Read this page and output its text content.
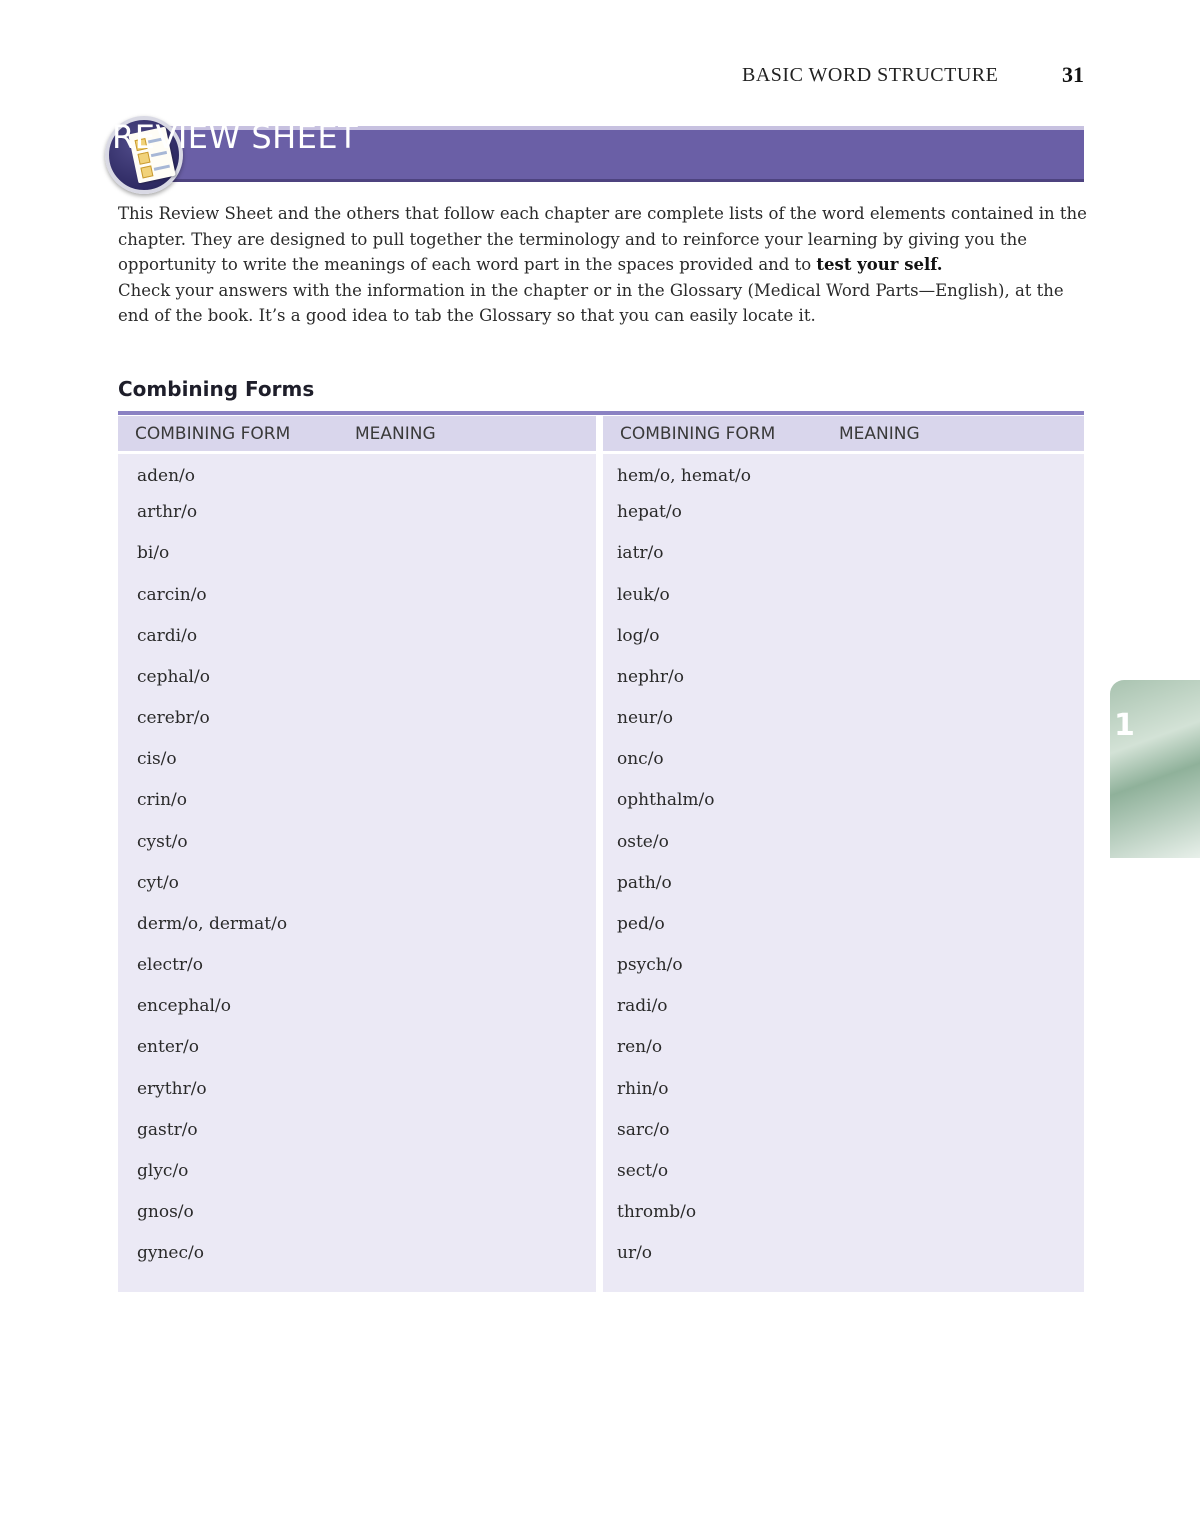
BASIC WORD STRUCTURE	31
REVIEW SHEET

This Review Sheet and the others that follow each chapter are complete lists of the word elements contained in the chapter. They are designed to pull together the terminology and to reinforce your learning by giving you the opportunity to write the meanings of each word part in the spaces provided and to test your self.

Check your answers with the information in the chapter or in the Glossary (Medical Word Parts—English), at the end of the book. It’s a good idea to tab the Glossary so that you can easily locate it.

Combining Forms
COMBINING FORM	MEANING
aden/o
arthr/o
bi/o
carcin/o
cardi/o
cephal/o
cerebr/o
cis/o
crin/o
cyst/o
cyt/o
derm/o, dermat/o
electr/o
encephal/o
enter/o
erythr/o
gastr/o
glyc/o
gnos/o
gynec/o
COMBINING FORM	MEANING
hem/o, hemat/o
hepat/o
iatr/o
leuk/o
log/o
nephr/o
neur/o
onc/o
ophthalm/o
oste/o
path/o
ped/o
psych/o
radi/o
ren/o
rhin/o
sarc/o
sect/o
thromb/o
ur/o
1
